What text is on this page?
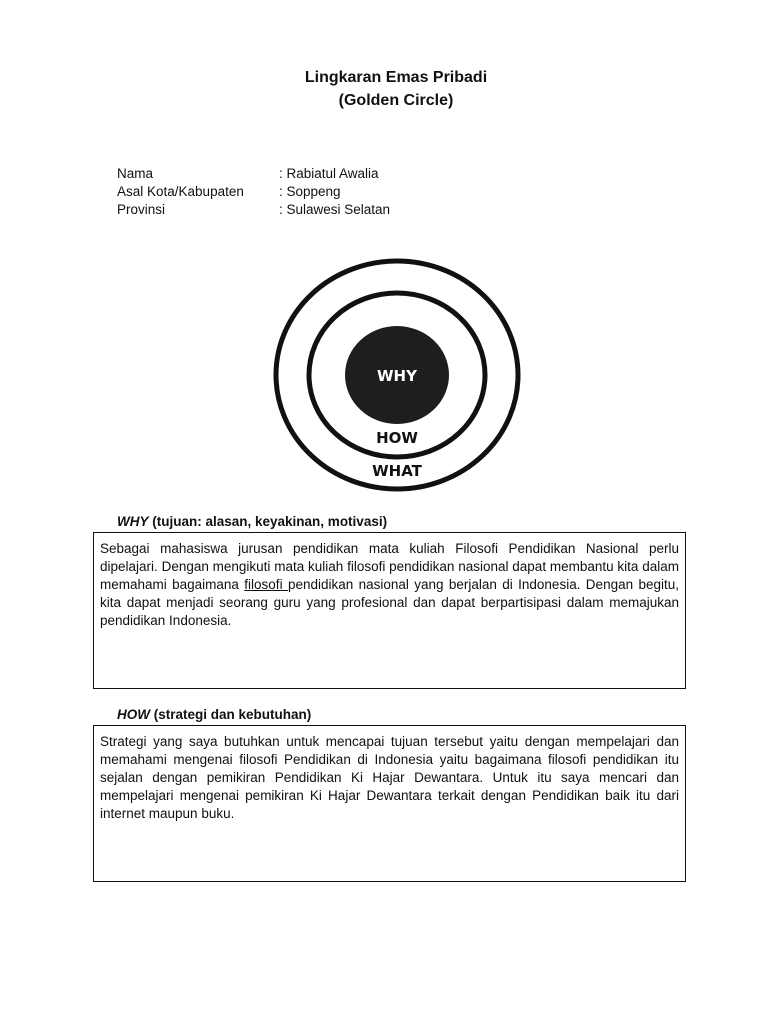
Lingkaran Emas Pribadi
(Golden Circle)
Nama	: Rabiatul Awalia
Asal Kota/Kabupaten	: Soppeng
Provinsi	: Sulawesi Selatan
WHY
HOW
WHAT
WHY (tujuan: alasan, keyakinan, motivasi)
Sebagai mahasiswa jurusan pendidikan mata kuliah Filosofi Pendidikan Nasional perlu dipelajari. Dengan mengikuti mata kuliah filosofi pendidikan nasional dapat membantu kita dalam memahami bagaimana filosofi pendidikan nasional yang berjalan di Indonesia. Dengan begitu, kita dapat menjadi seorang guru yang profesional dan dapat berpartisipasi dalam memajukan pendidikan Indonesia.
HOW (strategi dan kebutuhan)
Strategi yang saya butuhkan untuk mencapai tujuan tersebut yaitu dengan mempelajari dan memahami mengenai filosofi Pendidikan di Indonesia yaitu bagaimana filosofi pendidikan itu sejalan dengan pemikiran Pendidikan Ki Hajar Dewantara. Untuk itu saya mencari dan mempelajari mengenai pemikiran Ki Hajar Dewantara terkait dengan Pendidikan baik itu dari internet maupun buku.
